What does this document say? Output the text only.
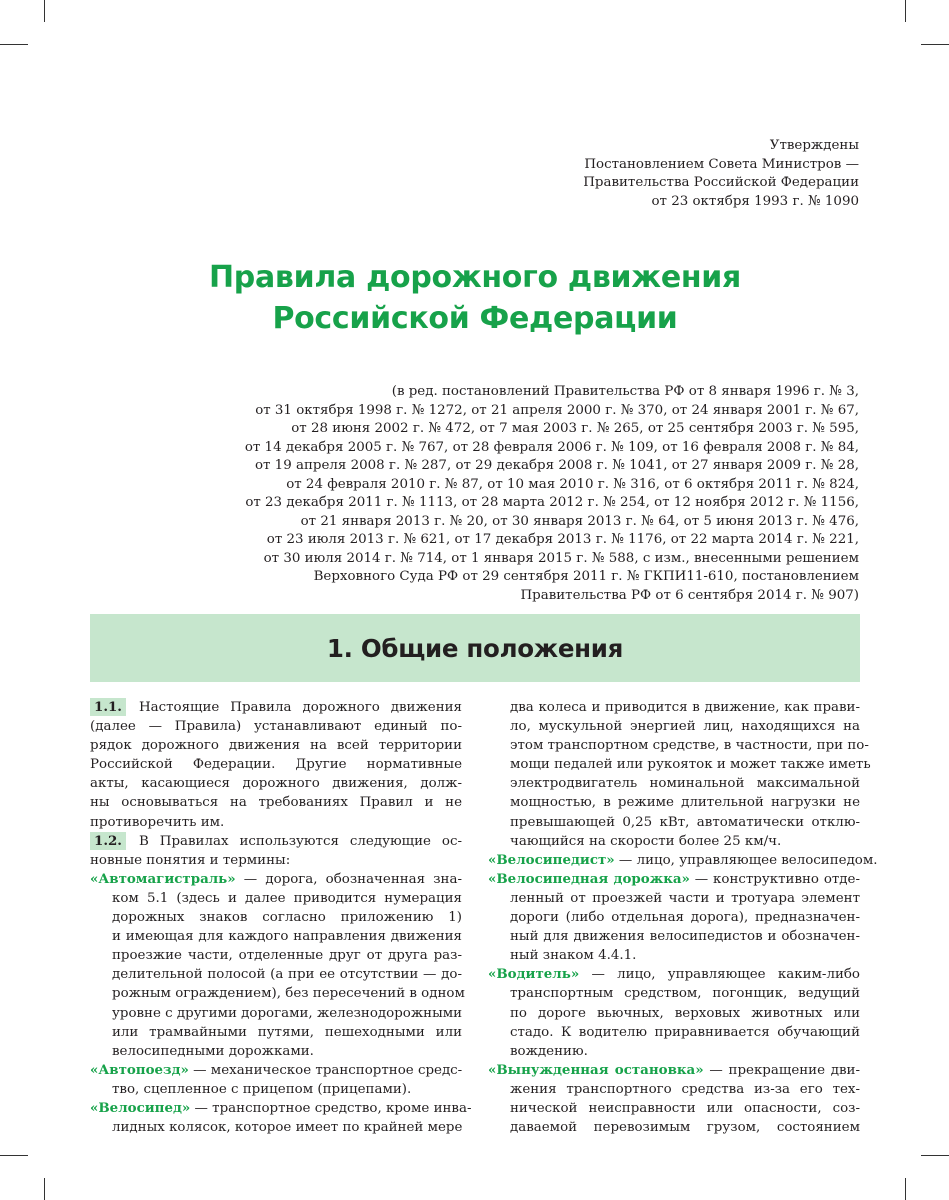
Утверждены
Постановлением Совета Министров —
Правительства Российской Федерации
от 23 октября 1993 г. № 1090
Правила дорожного движения
Российской Федерации
(в ред. постановлений Правительства РФ от 8 января 1996 г. № 3,
от 31 октября 1998 г. № 1272, от 21 апреля 2000 г. № 370, от 24 января 2001 г. № 67,
от 28 июня 2002 г. № 472, от 7 мая 2003 г. № 265, от 25 сентября 2003 г. № 595,
от 14 декабря 2005 г. № 767, от 28 февраля 2006 г. № 109, от 16 февраля 2008 г. № 84,
от 19 апреля 2008 г. № 287, от 29 декабря 2008 г. № 1041, от 27 января 2009 г. № 28,
от 24 февраля 2010 г. № 87, от 10 мая 2010 г. № 316, от 6 октября 2011 г. № 824,
от 23 декабря 2011 г. № 1113, от 28 марта 2012 г. № 254, от 12 ноября 2012 г. № 1156,
от 21 января 2013 г. № 20, от 30 января 2013 г. № 64, от 5 июня 2013 г. № 476,
от 23 июля 2013 г. № 621, от 17 декабря 2013 г. № 1176, от 22 марта 2014 г. № 221,
от 30 июля 2014 г. № 714, от 1 января 2015 г. № 588, с изм., внесенными решением
Верховного Суда РФ от 29 сентября 2011 г. № ГКПИ11-610, постановлением
Правительства РФ от 6 сентября 2014 г. № 907)
1. Общие положения
1.1. Настоящие Правила дорожного движения
(далее — Правила) устанавливают единый по-
рядок дорожного движения на всей территории
Российской Федерации. Другие нормативные
акты, касающиеся дорожного движения, долж-
ны основываться на требованиях Правил и не
противоречить им.
1.2. В Правилах используются следующие ос-
новные понятия и термины:
«Автомагистраль» — дорога, обозначенная зна-
ком 5.1 (здесь и далее приводится нумерация
дорожных знаков согласно приложению 1)
и имеющая для каждого направления движения
проезжие части, отделенные друг от друга раз-
делительной полосой (а при ее отсутствии — до-
рожным ограждением), без пересечений в одном
уровне с другими дорогами, железнодорожными
или трамвайными путями, пешеходными или
велосипедными дорожками.
«Автопоезд» — механическое транспортное средс-
тво, сцепленное с прицепом (прицепами).
«Велосипед» — транспортное средство, кроме инва-
лидных колясок, которое имеет по крайней мере
два колеса и приводится в движение, как прави-
ло, мускульной энергией лиц, находящихся на
этом транспортном средстве, в частности, при по-
мощи педалей или рукояток и может также иметь
электродвигатель номинальной максимальной
мощностью, в режиме длительной нагрузки не
превышающей 0,25 кВт, автоматически отклю-
чающийся на скорости более 25 км/ч.
«Велосипедист» — лицо, управляющее велосипедом.
«Велосипедная дорожка» — конструктивно отде-
ленный от проезжей части и тротуара элемент
дороги (либо отдельная дорога), предназначен-
ный для движения велосипедистов и обозначен-
ный знаком 4.4.1.
«Водитель» — лицо, управляющее каким-либо
транспортным средством, погонщик, ведущий
по дороге вьючных, верховых животных или
стадо. К водителю приравнивается обучающий
вождению.
«Вынужденная остановка» — прекращение дви-
жения транспортного средства из-за его тех-
нической неисправности или опасности, соз-
даваемой перевозимым грузом, состоянием
